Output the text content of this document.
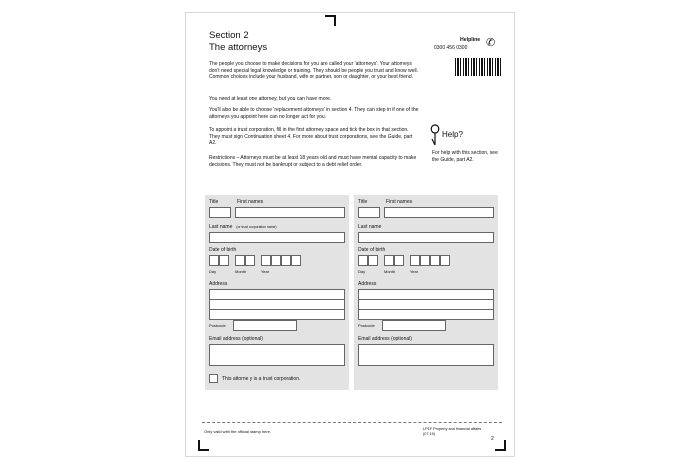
Section 2
The attorneys
Helpline
0300 456 0300 ✆

The people you choose to make decisions for you are called your 'attorneys'. Your attorneys don't need special legal knowledge or training. They should be people you trust and know well. Common choices include your husband, wife or partner, son or daughter, or your best friend.

You need at least one attorney, but you can have more.

You'll also be able to choose 'replacement attorneys' in section 4. They can step in if one of the attorneys you appoint here can no longer act for you.

To appoint a trust corporation, fill in the first attorney space and tick the box in that section. They must sign Continuation sheet 4. For more about trust corporations, see the Guide, part A2.

Restrictions – Attorneys must be at least 18 years old and must have mental capacity to make decisions. They must not be bankrupt or subject to a debt relief order.

Help?
For help with this section, see the Guide, part A2.
Title	First names
Last name (or trust corporation name)
Date of birth
Day	Month	Year
Address
Postcode
Email address (optional)
This attorne y is a trust corporation.
Title	First names
Last name
Date of birth
Day	Month	Year
Address
Postcode
Email address (optional)
Only valid with the official stamp here.	LP1F Property and financial affairs (07.15)
2
